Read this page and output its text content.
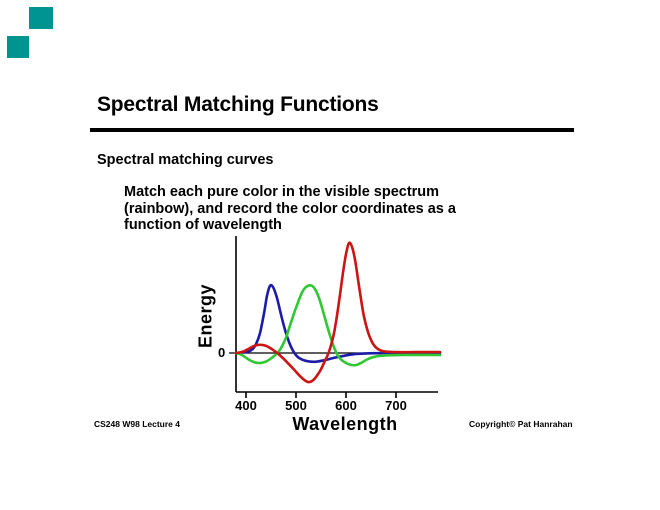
Spectral Matching Functions
Spectral matching curves
Match each pure color in the visible spectrum
(rainbow), and record the color coordinates as a
function of wavelength
400 500 600 700
Energy
0
Wavelength
CS248 W98 Lecture 4	Copyright© Pat Hanrahan
